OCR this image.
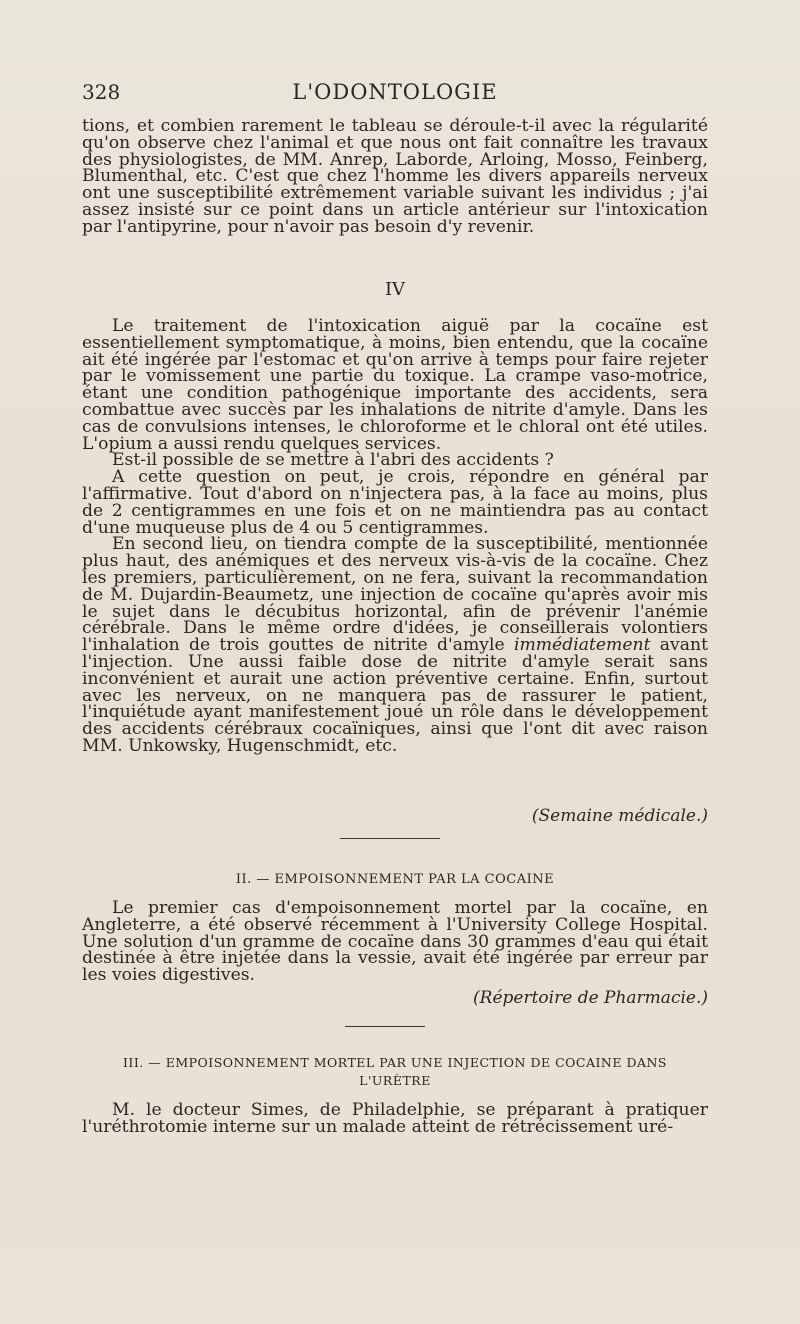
328	L'ODONTOLOGIE

tions, et combien rarement le tableau se déroule-t-il avec la régularité qu'on observe chez l'animal et que nous ont fait connaître les travaux des physiologistes, de MM. Anrep, Laborde, Arloing, Mosso, Feinberg, Blumenthal, etc. C'est que chez l'homme les divers appareils nerveux ont une susceptibilité extrêmement variable suivant les individus ; j'ai assez insisté sur ce point dans un article antérieur sur l'intoxication par l'antipyrine, pour n'avoir pas besoin d'y revenir.

IV

Le traitement de l'intoxication aiguë par la cocaïne est essentiellement symptomatique, à moins, bien entendu, que la cocaïne ait été ingérée par l'estomac et qu'on arrive à temps pour faire rejeter par le vomissement une partie du toxique. La crampe vaso-motrice, étant une condition pathogénique importante des accidents, sera combattue avec succès par les inhalations de nitrite d'amyle. Dans les cas de convulsions intenses, le chloroforme et le chloral ont été utiles. L'opium a aussi rendu quelques services.

Est-il possible de se mettre à l'abri des accidents ?

A cette question on peut, je crois, répondre en général par l'affirmative. Tout d'abord on n'injectera pas, à la face au moins, plus de 2 centigrammes en une fois et on ne maintiendra pas au contact d'une muqueuse plus de 4 ou 5 centigrammes.

En second lieu, on tiendra compte de la susceptibilité, mentionnée plus haut, des anémiques et des nerveux vis-à-vis de la cocaïne. Chez les premiers, particulièrement, on ne fera, suivant la recommandation de M. Dujardin-Beaumetz, une injection de cocaïne qu'après avoir mis le sujet dans le décubitus horizontal, afin de prévenir l'anémie cérébrale. Dans le même ordre d'idées, je conseillerais volontiers l'inhalation de trois gouttes de nitrite d'amyle immédiatement avant l'injection. Une aussi faible dose de nitrite d'amyle serait sans inconvénient et aurait une action préventive certaine. Enfin, surtout avec les nerveux, on ne manquera pas de rassurer le patient, l'inquiétude ayant manifestement joué un rôle dans le développement des accidents cérébraux cocaïniques, ainsi que l'ont dit avec raison MM. Unkowsky, Hugenschmidt, etc.

(Semaine médicale.)

II. — EMPOISONNEMENT PAR LA COCAINE

Le premier cas d'empoisonnement mortel par la cocaïne, en Angleterre, a été observé récemment à l'University College Hospital. Une solution d'un gramme de cocaïne dans 30 grammes d'eau qui était destinée à être injetée dans la vessie, avait été ingérée par erreur par les voies digestives.

(Répertoire de Pharmacie.)

III. — EMPOISONNEMENT MORTEL PAR UNE INJECTION DE COCAINE DANS

L'URÈTRE

M. le docteur Simes, de Philadelphie, se préparant à pratiquer l'uréthrotomie interne sur un malade atteint de rétrécissement uré-
